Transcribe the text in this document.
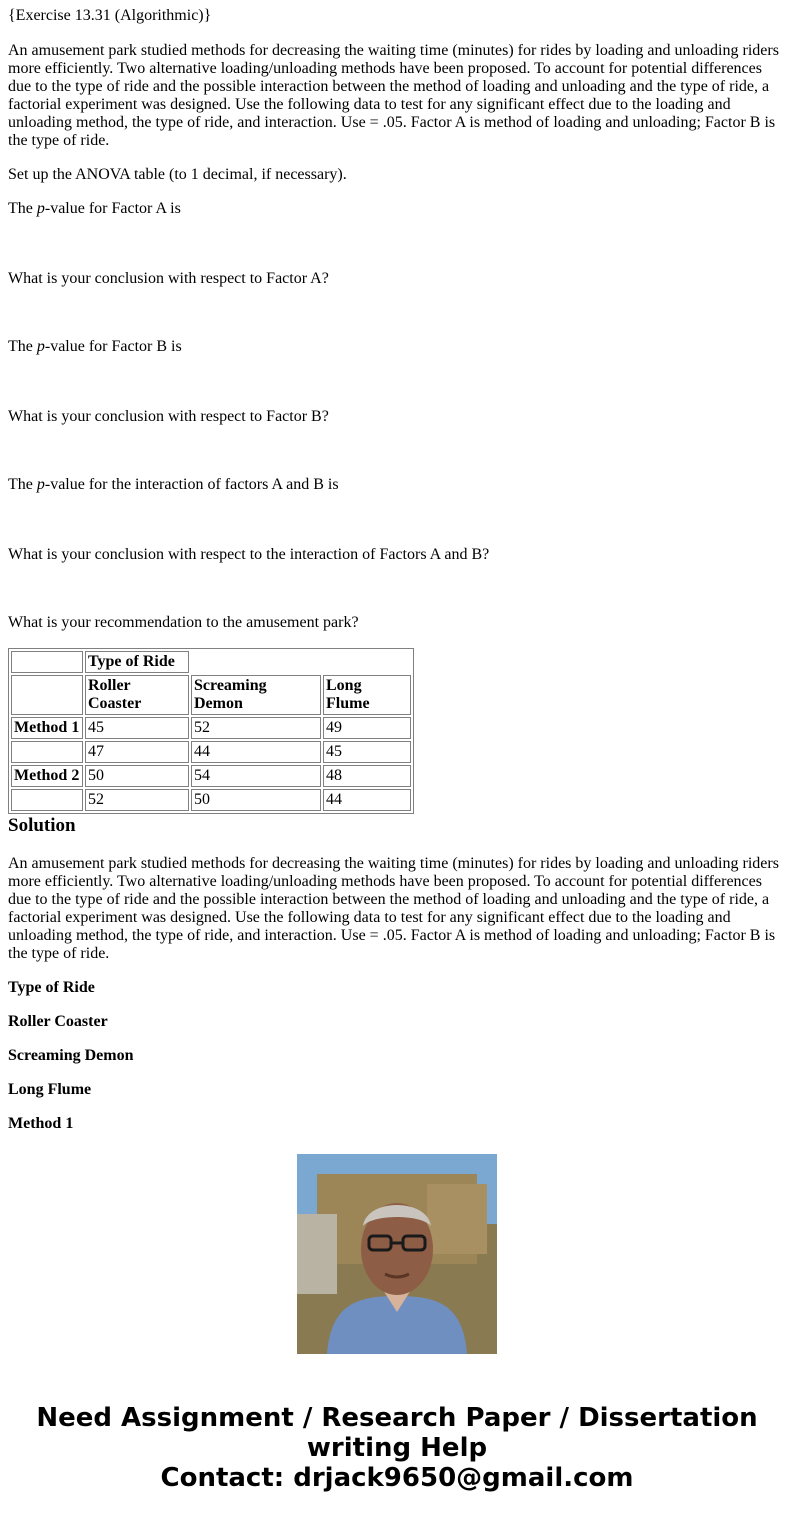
{Exercise 13.31 (Algorithmic)}

An amusement park studied methods for decreasing the waiting time (minutes) for rides by loading and unloading riders more efficiently. Two alternative loading/unloading methods have been proposed. To account for potential differences due to the type of ride and the possible interaction between the method of loading and unloading and the type of ride, a factorial experiment was designed. Use the following data to test for any significant effect due to the loading and unloading method, the type of ride, and interaction. Use = .05. Factor A is method of loading and unloading; Factor B is the type of ride.

Set up the ANOVA table (to 1 decimal, if necessary).

The p-value for Factor A is

What is your conclusion with respect to Factor A?

The p-value for Factor B is

What is your conclusion with respect to Factor B?

The p-value for the interaction of factors A and B is

What is your conclusion with respect to the interaction of Factors A and B?

What is your recommendation to the amusement park?

	Type of Ride		
	Roller Coaster	Screaming Demon	Long Flume
Method 1	45	52	49
	47	44	45
Method 2	50	54	48
	52	50	44
Solution

An amusement park studied methods for decreasing the waiting time (minutes) for rides by loading and unloading riders more efficiently. Two alternative loading/unloading methods have been proposed. To account for potential differences due to the type of ride and the possible interaction between the method of loading and unloading and the type of ride, a factorial experiment was designed. Use the following data to test for any significant effect due to the loading and unloading method, the type of ride, and interaction. Use = .05. Factor A is method of loading and unloading; Factor B is the type of ride.

Type of Ride

Roller Coaster

Screaming Demon

Long Flume

Method 1

Need Assignment / Research Paper / Dissertation
writing Help
Contact: drjack9650@gmail.com
